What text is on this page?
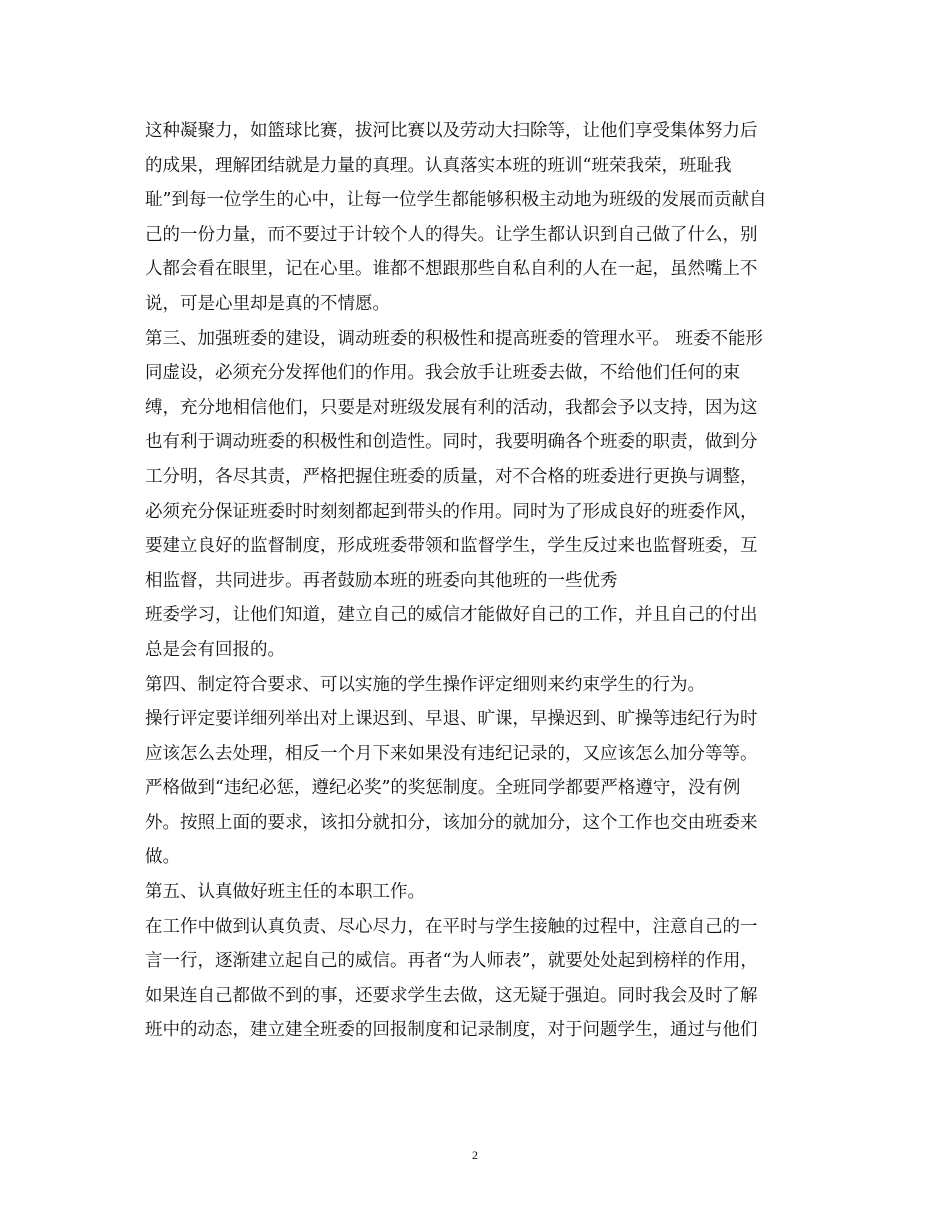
这种凝聚力，如篮球比赛，拔河比赛以及劳动大扫除等，让他们享受集体努力后
的成果，理解团结就是力量的真理。认真落实本班的班训“班荣我荣，班耻我
耻”到每一位学生的心中，让每一位学生都能够积极主动地为班级的发展而贡献自
己的一份力量，而不要过于计较个人的得失。让学生都认识到自己做了什么，别
人都会看在眼里，记在心里。谁都不想跟那些自私自利的人在一起，虽然嘴上不
说，可是心里却是真的不情愿。
第三、加强班委的建设，调动班委的积极性和提高班委的管理水平。 班委不能形
同虚设，必须充分发挥他们的作用。我会放手让班委去做，不给他们任何的束
缚，充分地相信他们，只要是对班级发展有利的活动，我都会予以支持，因为这
也有利于调动班委的积极性和创造性。同时，我要明确各个班委的职责，做到分
工分明，各尽其责，严格把握住班委的质量，对不合格的班委进行更换与调整，
必须充分保证班委时时刻刻都起到带头的作用。同时为了形成良好的班委作风，
要建立良好的监督制度，形成班委带领和监督学生，学生反过来也监督班委，互
相监督，共同进步。再者鼓励本班的班委向其他班的一些优秀
班委学习，让他们知道，建立自己的威信才能做好自己的工作，并且自己的付出
总是会有回报的。
第四、制定符合要求、可以实施的学生操作评定细则来约束学生的行为。
操行评定要详细列举出对上课迟到、早退、旷课，早操迟到、旷操等违纪行为时
应该怎么去处理，相反一个月下来如果没有违纪记录的，又应该怎么加分等等。
严格做到“违纪必惩，遵纪必奖”的奖惩制度。全班同学都要严格遵守，没有例
外。按照上面的要求，该扣分就扣分，该加分的就加分，这个工作也交由班委来
做。
第五、认真做好班主任的本职工作。
在工作中做到认真负责、尽心尽力，在平时与学生接触的过程中，注意自己的一
言一行，逐渐建立起自己的威信。再者“为人师表”，就要处处起到榜样的作用，
如果连自己都做不到的事，还要求学生去做，这无疑于强迫。同时我会及时了解
班中的动态，建立建全班委的回报制度和记录制度，对于问题学生，通过与他们
2
